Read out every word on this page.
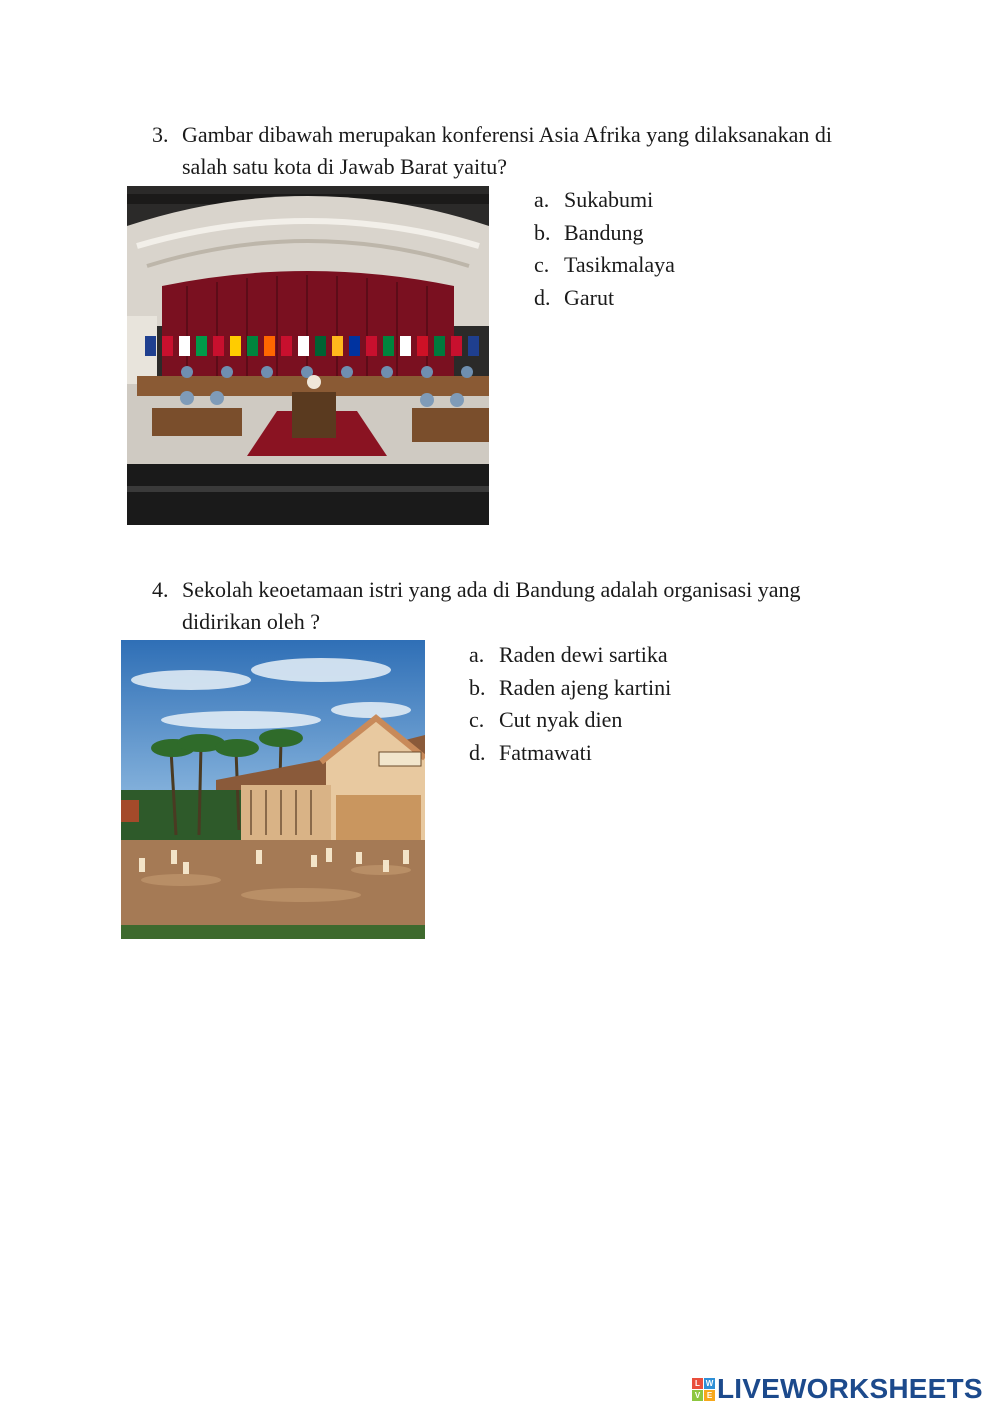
3. Gambar dibawah merupakan konferensi Asia Afrika yang dilaksanakan di
salah satu kota di Jawab Barat yaitu?
a. Sukabumi
b. Bandung
c. Tasikmalaya
d. Garut
4. Sekolah keoetamaan istri yang ada di Bandung adalah organisasi yang
didirikan oleh ?
a. Raden dewi sartika
b. Raden ajeng kartini
c. Cut nyak dien
d. Fatmawati
L W
V E LIVEWORKSHEETS
